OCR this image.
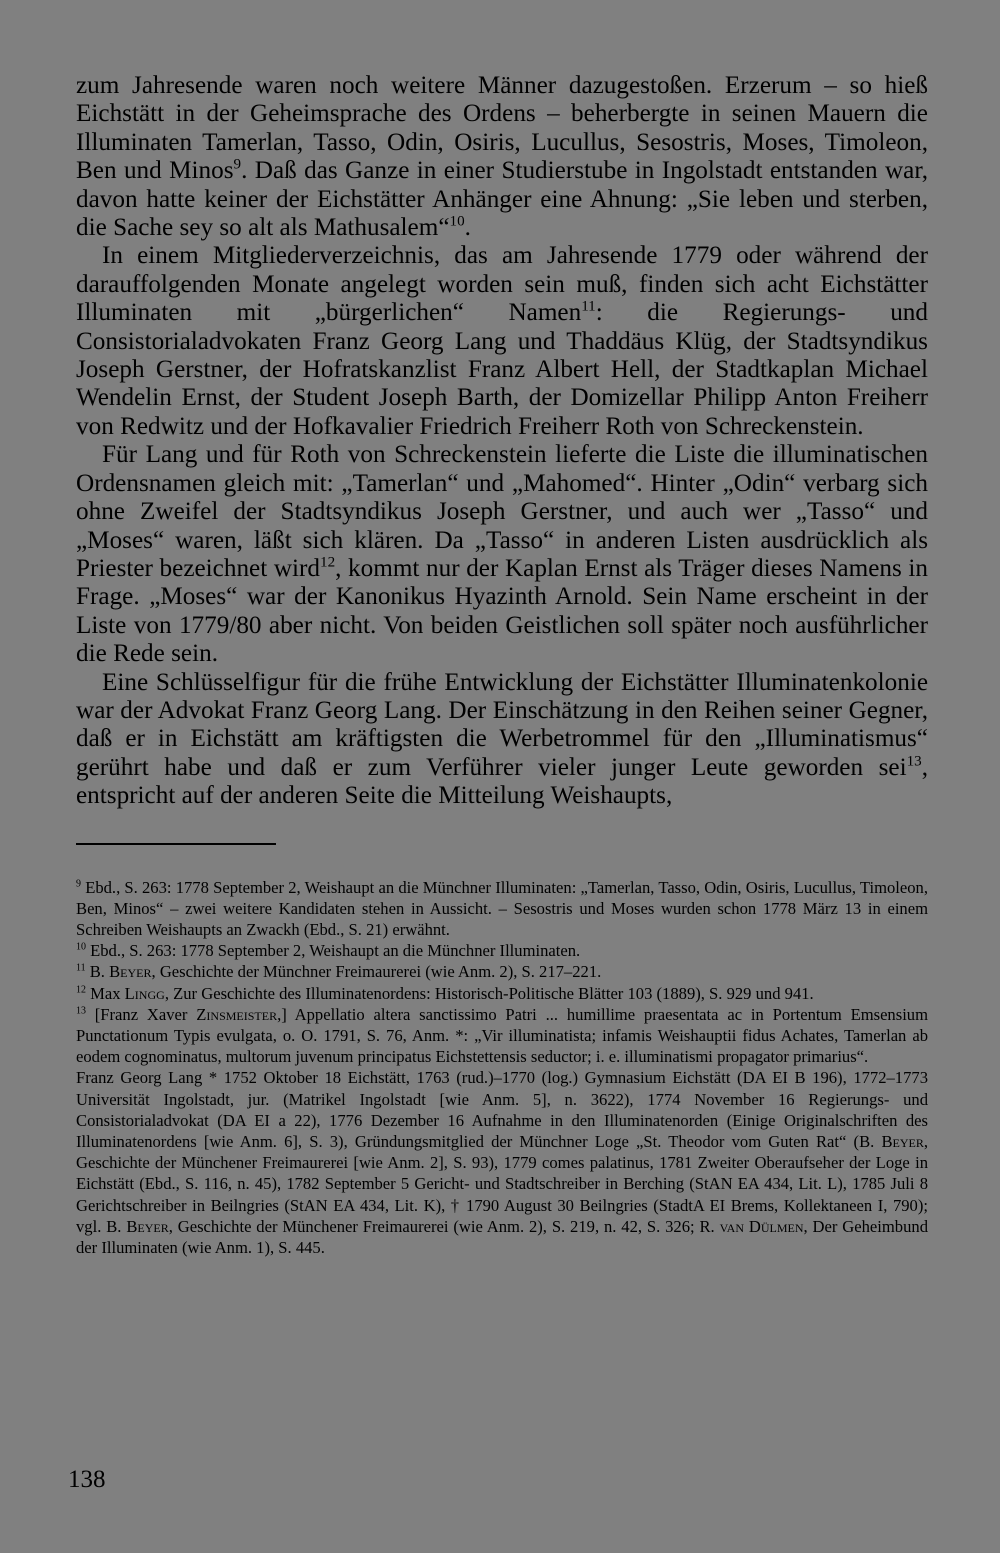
zum Jahresende waren noch weitere Männer dazugestoßen. Erzerum – so hieß Eichstätt in der Geheimsprache des Ordens – beherbergte in seinen Mauern die Illuminaten Tamerlan, Tasso, Odin, Osiris, Lucullus, Sesostris, Moses, Timoleon, Ben und Minos$^9$. Daß das Ganze in einer Studierstube in Ingolstadt entstanden war, davon hatte keiner der Eichstätter Anhänger eine Ahnung: „Sie leben und sterben, die Sache sey so alt als Mathusalem“$^{10}$.

In einem Mitgliederverzeichnis, das am Jahresende 1779 oder während der darauffolgenden Monate angelegt worden sein muß, finden sich acht Eichstätter Illuminaten mit „bürgerlichen“ Namen$^{11}$: die Regierungs- und Consistorialadvokaten Franz Georg Lang und Thaddäus Klüg, der Stadtsyndikus Joseph Gerstner, der Hofratskanzlist Franz Albert Hell, der Stadtkaplan Michael Wendelin Ernst, der Student Joseph Barth, der Domizellar Philipp Anton Freiherr von Redwitz und der Hofkavalier Friedrich Freiherr Roth von Schreckenstein.

Für Lang und für Roth von Schreckenstein lieferte die Liste die illuminatischen Ordensnamen gleich mit: „Tamerlan“ und „Mahomed“. Hinter „Odin“ verbarg sich ohne Zweifel der Stadtsyndikus Joseph Gerstner, und auch wer „Tasso“ und „Moses“ waren, läßt sich klären. Da „Tasso“ in anderen Listen ausdrücklich als Priester bezeichnet wird$^{12}$, kommt nur der Kaplan Ernst als Träger dieses Namens in Frage. „Moses“ war der Kanonikus Hyazinth Arnold. Sein Name erscheint in der Liste von 1779/80 aber nicht. Von beiden Geistlichen soll später noch ausführlicher die Rede sein.

Eine Schlüsselfigur für die frühe Entwicklung der Eichstätter Illuminatenkolonie war der Advokat Franz Georg Lang. Der Einschätzung in den Reihen seiner Gegner, daß er in Eichstätt am kräftigsten die Werbetrommel für den „Illuminatismus“ gerührt habe und daß er zum Verführer vieler junger Leute geworden sei$^{13}$, entspricht auf der anderen Seite die Mitteilung Weishaupts,

$^9$ Ebd., S. 263: 1778 September 2, Weishaupt an die Münchner Illuminaten: „Tamerlan, Tasso, Odin, Osiris, Lucullus, Timoleon, Ben, Minos“ – zwei weitere Kandidaten stehen in Aussicht. – Sesostris und Moses wurden schon 1778 März 13 in einem Schreiben Weishaupts an Zwackh (Ebd., S. 21) erwähnt.

$^{10}$ Ebd., S. 263: 1778 September 2, Weishaupt an die Münchner Illuminaten.

$^{11}$ B. Beyer, Geschichte der Münchner Freimaurerei (wie Anm. 2), S. 217–221.

$^{12}$ Max Lingg, Zur Geschichte des Illuminatenordens: Historisch-Politische Blätter 103 (1889), S. 929 und 941.

$^{13}$ [Franz Xaver Zinsmeister,] Appellatio altera sanctissimo Patri ... humillime praesentata ac in Portentum Emsensium Punctationum Typis evulgata, o. O. 1791, S. 76, Anm. *: „Vir illuminatista; infamis Weishauptii fidus Achates, Tamerlan ab eodem cognominatus, multorum juvenum principatus Eichstettensis seductor; i. e. illuminatismi propagator primarius“.

Franz Georg Lang * 1752 Oktober 18 Eichstätt, 1763 (rud.)–1770 (log.) Gymnasium Eichstätt (DA EI B 196), 1772–1773 Universität Ingolstadt, jur. (Matrikel Ingolstadt [wie Anm. 5], n. 3622), 1774 November 16 Regierungs- und Consistorialadvokat (DA EI a 22), 1776 Dezember 16 Aufnahme in den Illuminatenorden (Einige Originalschriften des Illuminatenordens [wie Anm. 6], S. 3), Gründungsmitglied der Münchner Loge „St. Theodor vom Guten Rat“ (B. Beyer, Geschichte der Münchener Freimaurerei [wie Anm. 2], S. 93), 1779 comes palatinus, 1781 Zweiter Oberaufseher der Loge in Eichstätt (Ebd., S. 116, n. 45), 1782 September 5 Gericht- und Stadtschreiber in Berching (StAN EA 434, Lit. L), 1785 Juli 8 Gerichtschreiber in Beilngries (StAN EA 434, Lit. K), † 1790 August 30 Beilngries (StadtA EI Brems, Kollektaneen I, 790); vgl. B. Beyer, Geschichte der Münchener Freimaurerei (wie Anm. 2), S. 219, n. 42, S. 326; R. van Dülmen, Der Geheimbund der Illuminaten (wie Anm. 1), S. 445.

138
